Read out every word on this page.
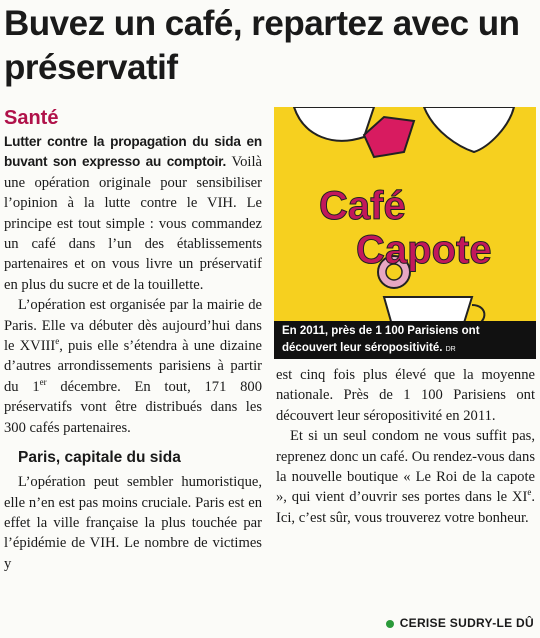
Buvez un café, repartez avec un préservatif
Santé

Lutter contre la propagation du sida en buvant son expresso au comptoir. Voilà une opération originale pour sensibiliser l’opinion à la lutte contre le VIH. Le principe est tout simple : vous commandez un café dans l’un des établissements partenaires et on vous livre un préservatif en plus du sucre et de la touillette.

L’opération est organisée par la mairie de Paris. Elle va débuter dès aujourd’hui dans le XVIIIe, puis elle s’étendra à une dizaine d’autres arrondissements parisiens à partir du 1er décembre. En tout, 171 800 préservatifs vont être distribués dans les 300 cafés partenaires.

Paris, capitale du sida

L’opération peut sembler humoristique, elle n’en est pas moins cruciale. Paris est en effet la ville française la plus touchée par l’épidémie de VIH. Le nombre de victimes y

Café
Capote
En 2011, près de 1 100 Parisiens ont découvert leur séropositivité. DR

est cinq fois plus élevé que la moyenne nationale. Près de 1 100 Parisiens ont découvert leur séropositivité en 2011.

Et si un seul condom ne vous suffit pas, reprenez donc un café. Ou rendez-vous dans la nouvelle boutique « Le Roi de la capote », qui vient d’ouvrir ses portes dans le XIe. Ici, c’est sûr, vous trouverez votre bonheur.

CERISE SUDRY-LE DÛ
